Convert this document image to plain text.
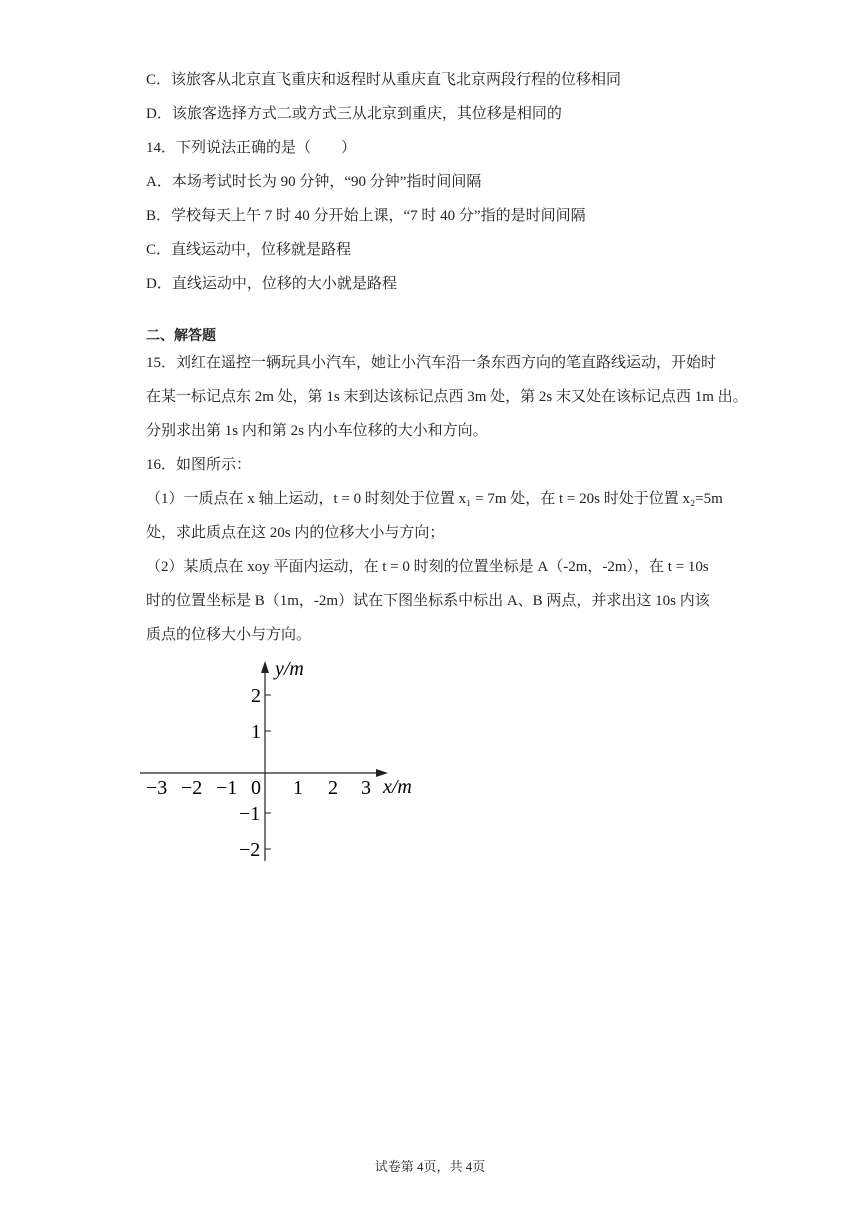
C．该旅客从北京直飞重庆和返程时从重庆直飞北京两段行程的位移相同
D．该旅客选择方式二或方式三从北京到重庆，其位移是相同的
14．下列说法正确的是（　　）
A．本场考试时长为 90 分钟，“90 分钟”指时间间隔
B．学校每天上午 7 时 40 分开始上课，“7 时 40 分”指的是时间间隔
C．直线运动中，位移就是路程
D．直线运动中，位移的大小就是路程
二、解答题
15．刘红在遥控一辆玩具小汽车，她让小汽车沿一条东西方向的笔直路线运动，开始时
在某一标记点东 2m 处，第 1s 末到达该标记点西 3m 处，第 2s 末又处在该标记点西 1m 出。
分别求出第 1s 内和第 2s 内小车位移的大小和方向。
16．如图所示：
（1）一质点在 x 轴上运动，t = 0 时刻处于位置 x₁ = 7m 处，在 t = 20s 时处于位置 x₂=5m
处，求此质点在这 20s 内的位移大小与方向；
（2）某质点在 xoy 平面内运动，在 t = 0 时刻的位置坐标是 A（-2m，-2m），在 t = 10s
时的位置坐标是 B（1m，-2m）试在下图坐标系中标出 A、B 两点，并求出这 10s 内该
质点的位移大小与方向。
y/m
x/m
0
−3 −2 −1	1 2 3
2
1
−1
−2
试卷第 4页，共 4页
